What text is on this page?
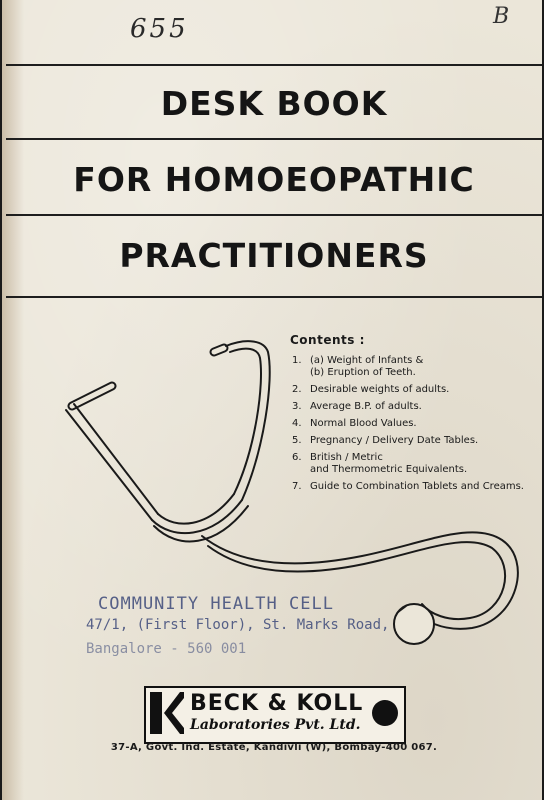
655	B
DESK BOOK
FOR HOMOEOPATHIC
PRACTITIONERS
Contents :
1. (a) Weight of Infants &
(b) Eruption of Teeth.
2. Desirable weights of adults.
3. Average B.P. of adults.
4. Normal Blood Values.
5. Pregnancy / Delivery Date Tables.
6. British / Metric
and Thermometric Equivalents.
7. Guide to Combination Tablets and Creams.
COMMUNITY HEALTH CELL
47/1, (First Floor), St. Marks Road,
Bangalore - 560 001
BECK & KOLL
Laboratories Pvt. Ltd.
37-A, Govt. Ind. Estate, Kandivli (W), Bombay-400 067.
